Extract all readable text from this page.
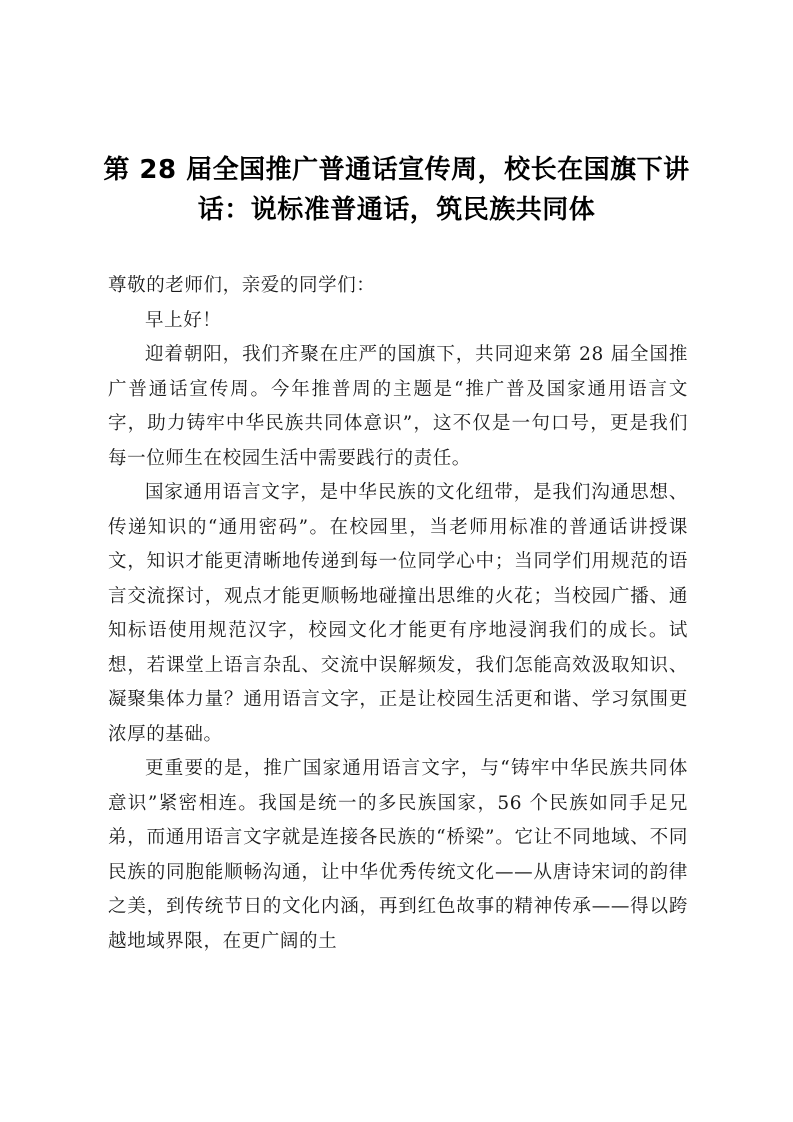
第 28 届全国推广普通话宣传周，校长在国旗下讲
话：说标准普通话，筑民族共同体

尊敬的老师们，亲爱的同学们：

早上好！

迎着朝阳，我们齐聚在庄严的国旗下，共同迎来第 28 届全国推广普通话宣传周。今年推普周的主题是“推广普及国家通用语言文字，助力铸牢中华民族共同体意识”，这不仅是一句口号，更是我们每一位师生在校园生活中需要践行的责任。

国家通用语言文字，是中华民族的文化纽带，是我们沟通思想、传递知识的“通用密码”。在校园里，当老师用标准的普通话讲授课文，知识才能更清晰地传递到每一位同学心中；当同学们用规范的语言交流探讨，观点才能更顺畅地碰撞出思维的火花；当校园广播、通知标语使用规范汉字，校园文化才能更有序地浸润我们的成长。试想，若课堂上语言杂乱、交流中误解频发，我们怎能高效汲取知识、凝聚集体力量？通用语言文字，正是让校园生活更和谐、学习氛围更浓厚的基础。

更重要的是，推广国家通用语言文字，与“铸牢中华民族共同体意识”紧密相连。我国是统一的多民族国家，56 个民族如同手足兄弟，而通用语言文字就是连接各民族的“桥梁”。它让不同地域、不同民族的同胞能顺畅沟通，让中华优秀传统文化——从唐诗宋词的韵律之美，到传统节日的文化内涵，再到红色故事的精神传承——得以跨越地域界限，在更广阔的土
